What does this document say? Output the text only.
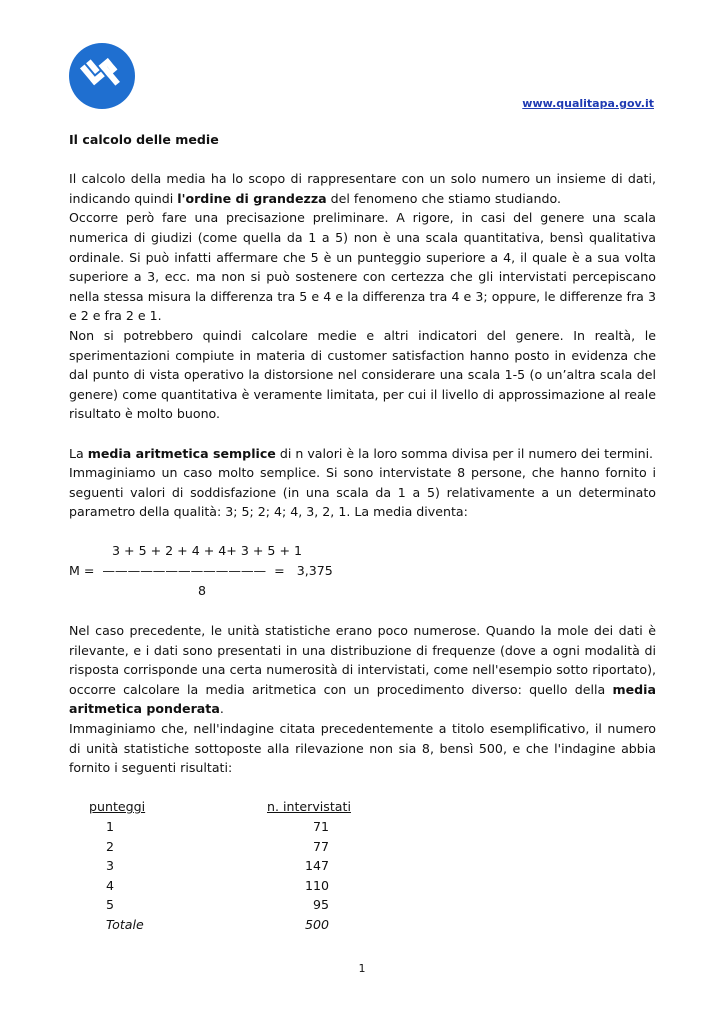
www.qualitapa.gov.it
Il calcolo delle medie

Il calcolo della media ha lo scopo di rappresentare con un solo numero un insieme di dati, indicando quindi l'ordine di grandezza del fenomeno che stiamo studiando.

Occorre però fare una precisazione preliminare. A rigore, in casi del genere una scala numerica di giudizi (come quella da 1 a 5) non è una scala quantitativa, bensì qualitativa ordinale. Si può infatti affermare che 5 è un punteggio superiore a 4, il quale è a sua volta superiore a 3, ecc. ma non si può sostenere con certezza che gli intervistati percepiscano nella stessa misura la differenza tra 5 e 4 e la differenza tra 4 e 3; oppure, le differenze fra 3 e 2 e fra 2 e 1.

Non si potrebbero quindi calcolare medie e altri indicatori del genere. In realtà, le sperimentazioni compiute in materia di customer satisfaction hanno posto in evidenza che dal punto di vista operativo la distorsione nel considerare una scala 1-5 (o un’altra scala del genere) come quantitativa è veramente limitata, per cui il livello di approssimazione al reale risultato è molto buono.

La media aritmetica semplice di n valori è la loro somma divisa per il numero dei termini.

Immaginiamo un caso molto semplice. Si sono intervistate 8 persone, che hanno fornito i seguenti valori di soddisfazione (in una scala da 1 a 5) relativamente a un determinato parametro della qualità: 3; 5; 2; 4; 4, 3, 2, 1. La media diventa:

3 + 5 + 2 + 4 + 4+ 3 + 5 + 1
M =  —————————————  =   3,375
8

Nel caso precedente, le unità statistiche erano poco numerose. Quando la mole dei dati è rilevante, e i dati sono presentati in una distribuzione di frequenze (dove a ogni modalità di risposta corrisponde una certa numerosità di intervistati, come nell'esempio sotto riportato), occorre calcolare la media aritmetica con un procedimento diverso: quello della media aritmetica ponderata.

Immaginiamo che, nell'indagine citata precedentemente a titolo esemplificativo, il numero di unità statistiche sottoposte alla rilevazione non sia 8, bensì 500, e che l'indagine abbia fornito i seguenti risultati:

punteggi	n. intervistati
1	71
2	77
3	147
4	110
5	95
Totale	500
1
